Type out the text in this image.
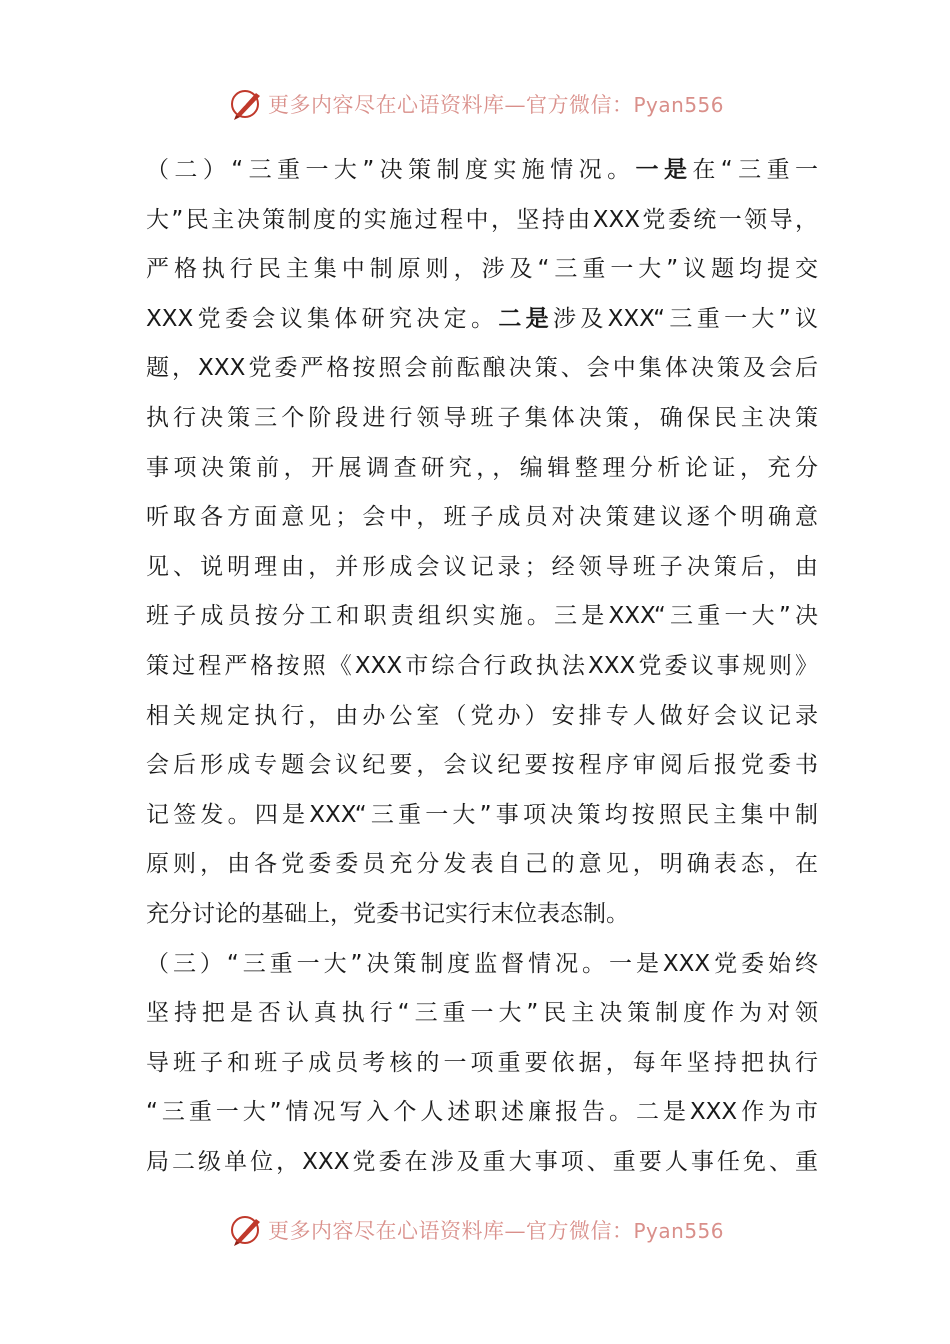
更多内容尽在心语资料库—官方微信：Pyan556
（二）“三重一大”决策制度实施情况。一是在“三重一
大”民主决策制度的实施过程中，坚持由XXX党委统一领导，
严格执行民主集中制原则，涉及“三重一大”议题均提交
XXX党委会议集体研究决定。二是涉及XXX“三重一大”议
题，XXX党委严格按照会前酝酿决策、会中集体决策及会后
执行决策三个阶段进行领导班子集体决策，确保民主决策
事项决策前，开展调查研究，，编辑整理分析论证，充分
听取各方面意见；会中，班子成员对决策建议逐个明确意
见、说明理由，并形成会议记录；经领导班子决策后，由
班子成员按分工和职责组织实施。三是XXX“三重一大”决
策过程严格按照《XXX市综合行政执法XXX党委议事规则》
相关规定执行，由办公室（党办）安排专人做好会议记录
会后形成专题会议纪要，会议纪要按程序审阅后报党委书
记签发。四是XXX“三重一大”事项决策均按照民主集中制
原则，由各党委委员充分发表自己的意见，明确表态，在
充分讨论的基础上，党委书记实行末位表态制。
（三）“三重一大”决策制度监督情况。一是XXX党委始终
坚持把是否认真执行“三重一大”民主决策制度作为对领
导班子和班子成员考核的一项重要依据，每年坚持把执行
“三重一大”情况写入个人述职述廉报告。二是XXX作为市
局二级单位，XXX党委在涉及重大事项、重要人事任免、重
更多内容尽在心语资料库—官方微信：Pyan556
